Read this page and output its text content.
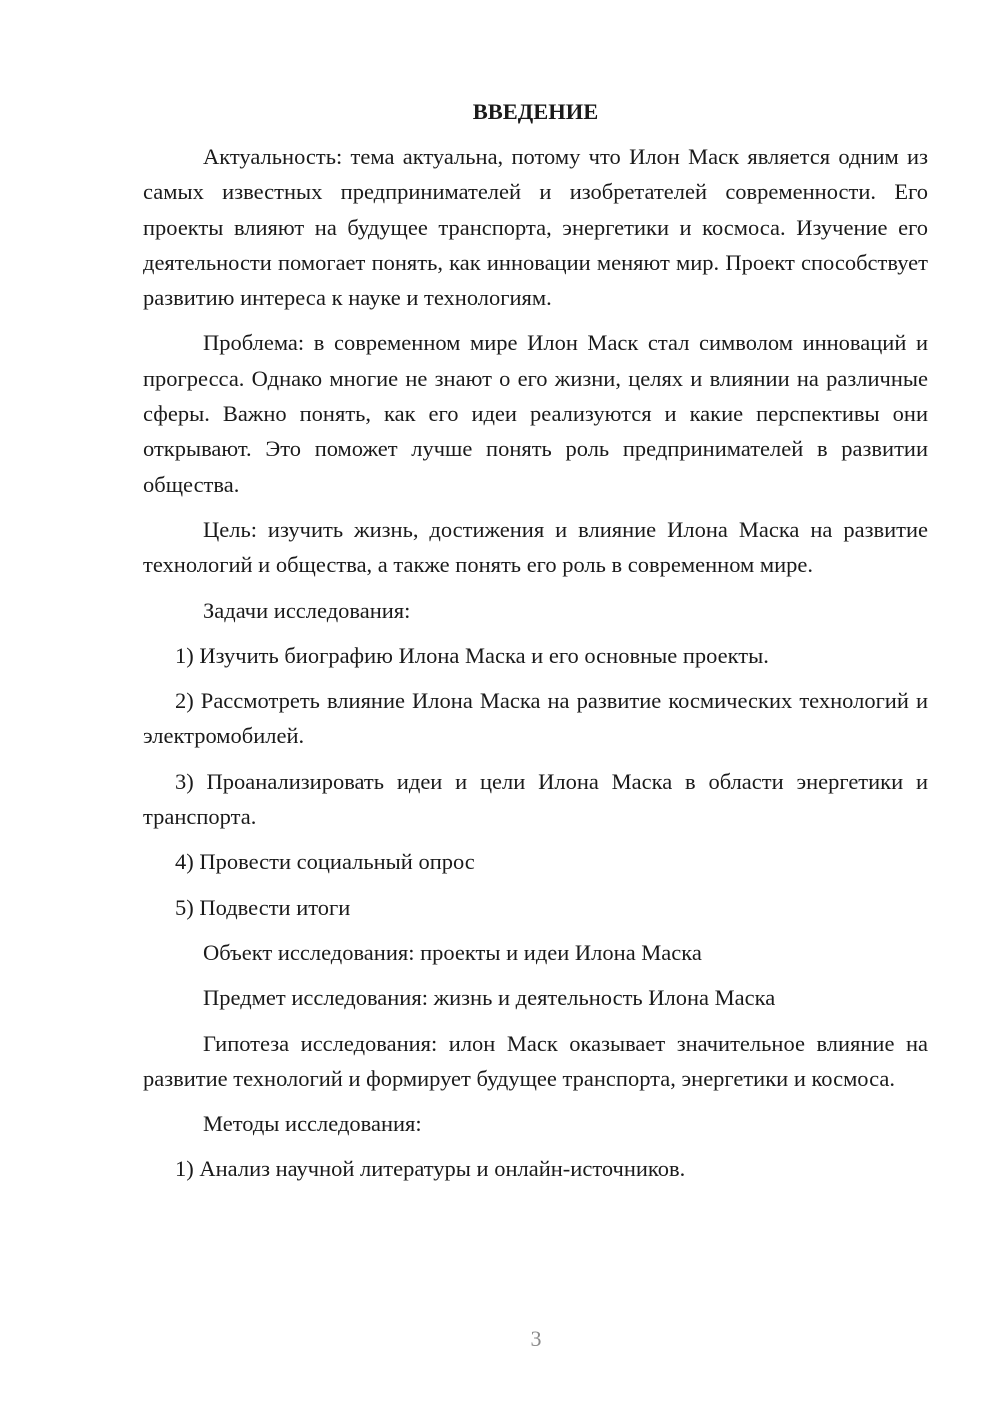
ВВЕДЕНИЕ

Актуальность: тема актуальна, потому что Илон Маск является одним из самых известных предпринимателей и изобретателей современности. Его проекты влияют на будущее транспорта, энергетики и космоса. Изучение его деятельности помогает понять, как инновации меняют мир. Проект способствует развитию интереса к науке и технологиям.

Проблема: в современном мире Илон Маск стал символом инноваций и прогресса. Однако многие не знают о его жизни, целях и влиянии на различные сферы. Важно понять, как его идеи реализуются и какие перспективы они открывают. Это поможет лучше понять роль предпринимателей в развитии общества.

Цель: изучить жизнь, достижения и влияние Илона Маска на развитие технологий и общества, а также понять его роль в современном мире.

Задачи исследования:

1) Изучить биографию Илона Маска и его основные проекты.

2) Рассмотреть влияние Илона Маска на развитие космических технологий и электромобилей.

3) Проанализировать идеи и цели Илона Маска в области энергетики и транспорта.

4) Провести социальный опрос

5) Подвести итоги

Объект исследования: проекты и идеи Илона Маска

Предмет исследования: жизнь и деятельность Илона Маска

Гипотеза исследования: илон Маск оказывает значительное влияние на развитие технологий и формирует будущее транспорта, энергетики и космоса.

Методы исследования:

1) Анализ научной литературы и онлайн-источников.

3
